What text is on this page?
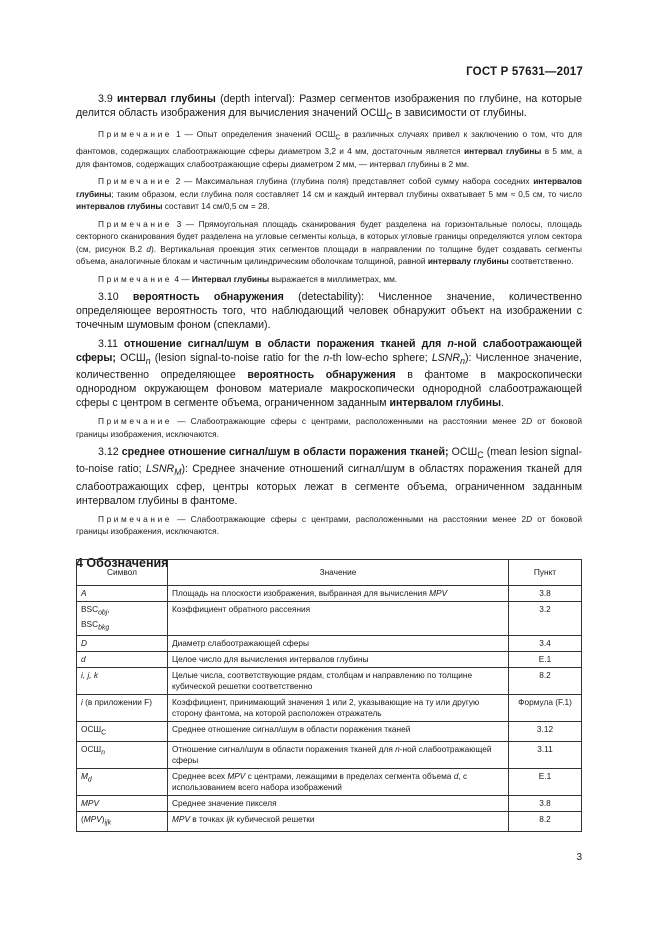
ГОСТ Р 57631—2017

3.9 интервал глубины (depth interval): Размер сегментов изображения по глубине, на которые делится область изображения для вычисления значений $ОСШ_C$ в зависимости от глубины.

Примечание 1 — Опыт определения значений $ОСШ_C$ в различных случаях привел к заключению о том, что для фантомов, содержащих слабоотражающие сферы диаметром 3,2 и 4 мм, достаточным является интервал глубины в 5 мм, а для фантомов, содержащих слабоотражающие сферы диаметром 2 мм, — интервал глубины в 2 мм.

Примечание 2 — Максимальная глубина (глубина поля) представляет собой сумму набора соседних интервалов глубины; таким образом, если глубина поля составляет 14 см и каждый интервал глубины охватывает 5 мм ≈ 0,5 см, то число интервалов глубины составит 14 см/0,5 см = 28.

Примечание 3 — Прямоугольная площадь сканирования будет разделена на горизонтальные полосы, площадь секторного сканирования будет разделена на угловые сегменты кольца, в которых угловые границы определяются углом сектора (см, рисунок В.2 d). Вертикальная проекция этих сегментов площади в направлении по толщине будет создавать сегменты объема, аналогичные блокам и частичным цилиндрическим оболочкам толщиной, равной интервалу глубины соответственно.

Примечание 4 — Интервал глубины выражается в миллиметрах, мм.

3.10 вероятность обнаружения (detectability): Численное значение, количественно определяющее вероятность того, что наблюдающий человек обнаружит объект на изображении с точечным шумовым фоном (спеклами).

3.11 отношение сигнал/шум в области поражения тканей для n-ной слабоотражающей сферы; $ОСШ_n$ (lesion signal-to-noise ratio for the n-th low-echo sphere; $LSNR_n$): Численное значение, количественно определяющее вероятность обнаружения в фантоме в макроскопически однородном окружающем фоновом материале макроскопически однородной слабоотражающей сферы с центром в сегменте объема, ограниченном заданным интервалом глубины.

Примечание — Слабоотражающие сферы с центрами, расположенными на расстоянии менее 2D от боковой границы изображения, исключаются.

3.12 среднее отношение сигнал/шум в области поражения тканей; $ОСШ_C$ (mean lesion signal-to-noise ratio; $LSNR_M$): Среднее значение отношений сигнал/шум в областях поражения тканей для слабоотражающих сфер, центры которых лежат в сегменте объема, ограниченном заданным интервалом глубины в фантоме.

Примечание — Слабоотражающие сферы с центрами, расположенными на расстоянии менее 2D от боковой границы изображения, исключаются.

4 Обозначения
Символ	Значение	Пункт
A	Площадь на плоскости изображения, выбранная для вычисления MPV	3.8
$BSC_{obj}$,
$BSC_{bkg}$	Коэффициент обратного рассеяния	3.2
D	Диаметр слабоотражающей сферы	3.4
d	Целое число для вычисления интервалов глубины	E.1
i, j, k	Целые числа, соответствующие рядам, столбцам и направлению по толщине кубической решетки соответственно	8.2
i (в приложении F)	Коэффициент, принимающий значения 1 или 2, указывающие на ту или другую сторону фантома, на которой расположен отражатель	Формула (F.1)
$ОСШ_C$	Среднее отношение сигнал/шум в области поражения тканей	3.12
$ОСШ_n$	Отношение сигнал/шум в области поражения тканей для n-ной слабоотражающей сферы	3.11
$M_d$	Среднее всех MPV с центрами, лежащими в пределах сегмента объема d, с использованием всего набора изображений	E.1
MPV	Среднее значение пикселя	3.8
$(MPV)_{ijk}$	MPV в точках ijk кубической решетки	8.2
3
